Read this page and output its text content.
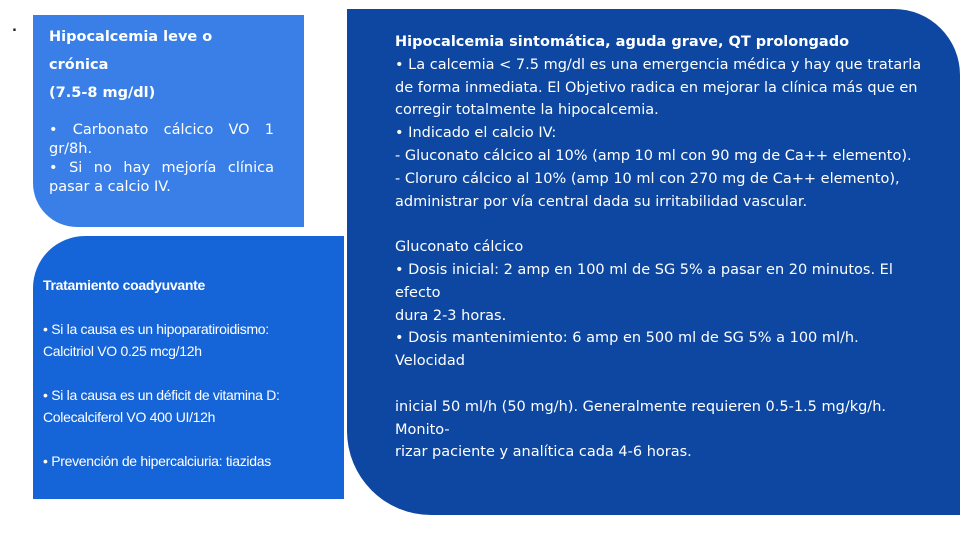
.
Hipocalcemia leve o crónica
(7.5-8 mg/dl)
• Carbonato cálcico VO 1 gr/8h.
• Si no hay mejoría clínica pasar a calcio IV.
Tratamiento coadyuvante
• Si la causa es un hipoparatiroidismo:
Calcitriol VO 0.25 mcg/12h
• Si la causa es un déficit de vitamina D:
Colecalciferol VO 400 UI/12h
• Prevención de hipercalciuria: tiazidas
Hipocalcemia sintomática, aguda grave, QT prolongado
• La calcemia < 7.5 mg/dl es una emergencia médica y hay que tratarla
de forma inmediata. El Objetivo radica en mejorar la clínica más que en
corregir totalmente la hipocalcemia.
• Indicado el calcio IV:
- Gluconato cálcico al 10% (amp 10 ml con 90 mg de Ca++ elemento).
- Cloruro cálcico al 10% (amp 10 ml con 270 mg de Ca++ elemento),
administrar por vía central dada su irritabilidad vascular.
Gluconato cálcico
• Dosis inicial: 2 amp en 100 ml de SG 5% a pasar en 20 minutos. El
efecto
dura 2-3 horas.
• Dosis mantenimiento: 6 amp en 500 ml de SG 5% a 100 ml/h.
Velocidad
inicial 50 ml/h (50 mg/h). Generalmente requieren 0.5-1.5 mg/kg/h.
Monito-
rizar paciente y analítica cada 4-6 horas.
